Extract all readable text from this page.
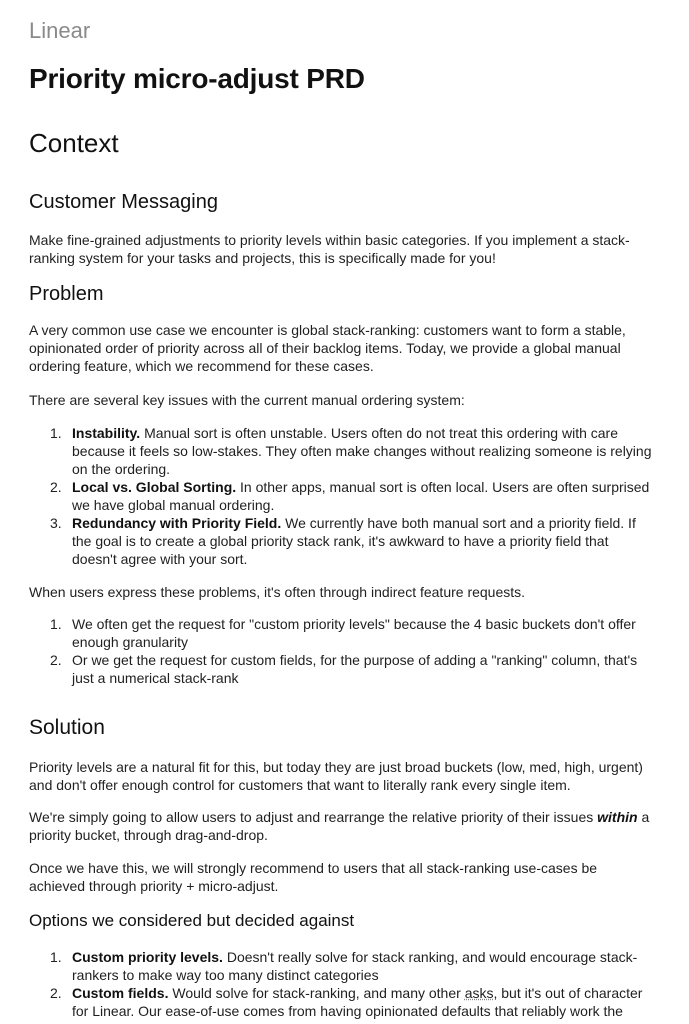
Linear
Priority micro-adjust PRD
Context
Customer Messaging

Make fine-grained adjustments to priority levels within basic categories. If you implement a stack-ranking system for your tasks and projects, this is specifically made for you!

Problem

A very common use case we encounter is global stack-ranking: customers want to form a stable, opinionated order of priority across all of their backlog items. Today, we provide a global manual ordering feature, which we recommend for these cases.

There are several key issues with the current manual ordering system:

1. Instability. Manual sort is often unstable. Users often do not treat this ordering with care because it feels so low-stakes. They often make changes without realizing someone is relying on the ordering.
2. Local vs. Global Sorting. In other apps, manual sort is often local. Users are often surprised we have global manual ordering.
3. Redundancy with Priority Field. We currently have both manual sort and a priority field. If the goal is to create a global priority stack rank, it's awkward to have a priority field that doesn't agree with your sort.

When users express these problems, it's often through indirect feature requests.

1. We often get the request for "custom priority levels" because the 4 basic buckets don't offer enough granularity
2. Or we get the request for custom fields, for the purpose of adding a "ranking" column, that's just a numerical stack-rank
Solution

Priority levels are a natural fit for this, but today they are just broad buckets (low, med, high, urgent) and don't offer enough control for customers that want to literally rank every single item.

We're simply going to allow users to adjust and rearrange the relative priority of their issues within a priority bucket, through drag-and-drop.

Once we have this, we will strongly recommend to users that all stack-ranking use-cases be achieved through priority + micro-adjust.

Options we considered but decided against
1. Custom priority levels. Doesn't really solve for stack ranking, and would encourage stack-rankers to make way too many distinct categories
2. Custom fields. Would solve for stack-ranking, and many other asks, but it's out of character for Linear. Our ease-of-use comes from having opinionated defaults that reliably work the
